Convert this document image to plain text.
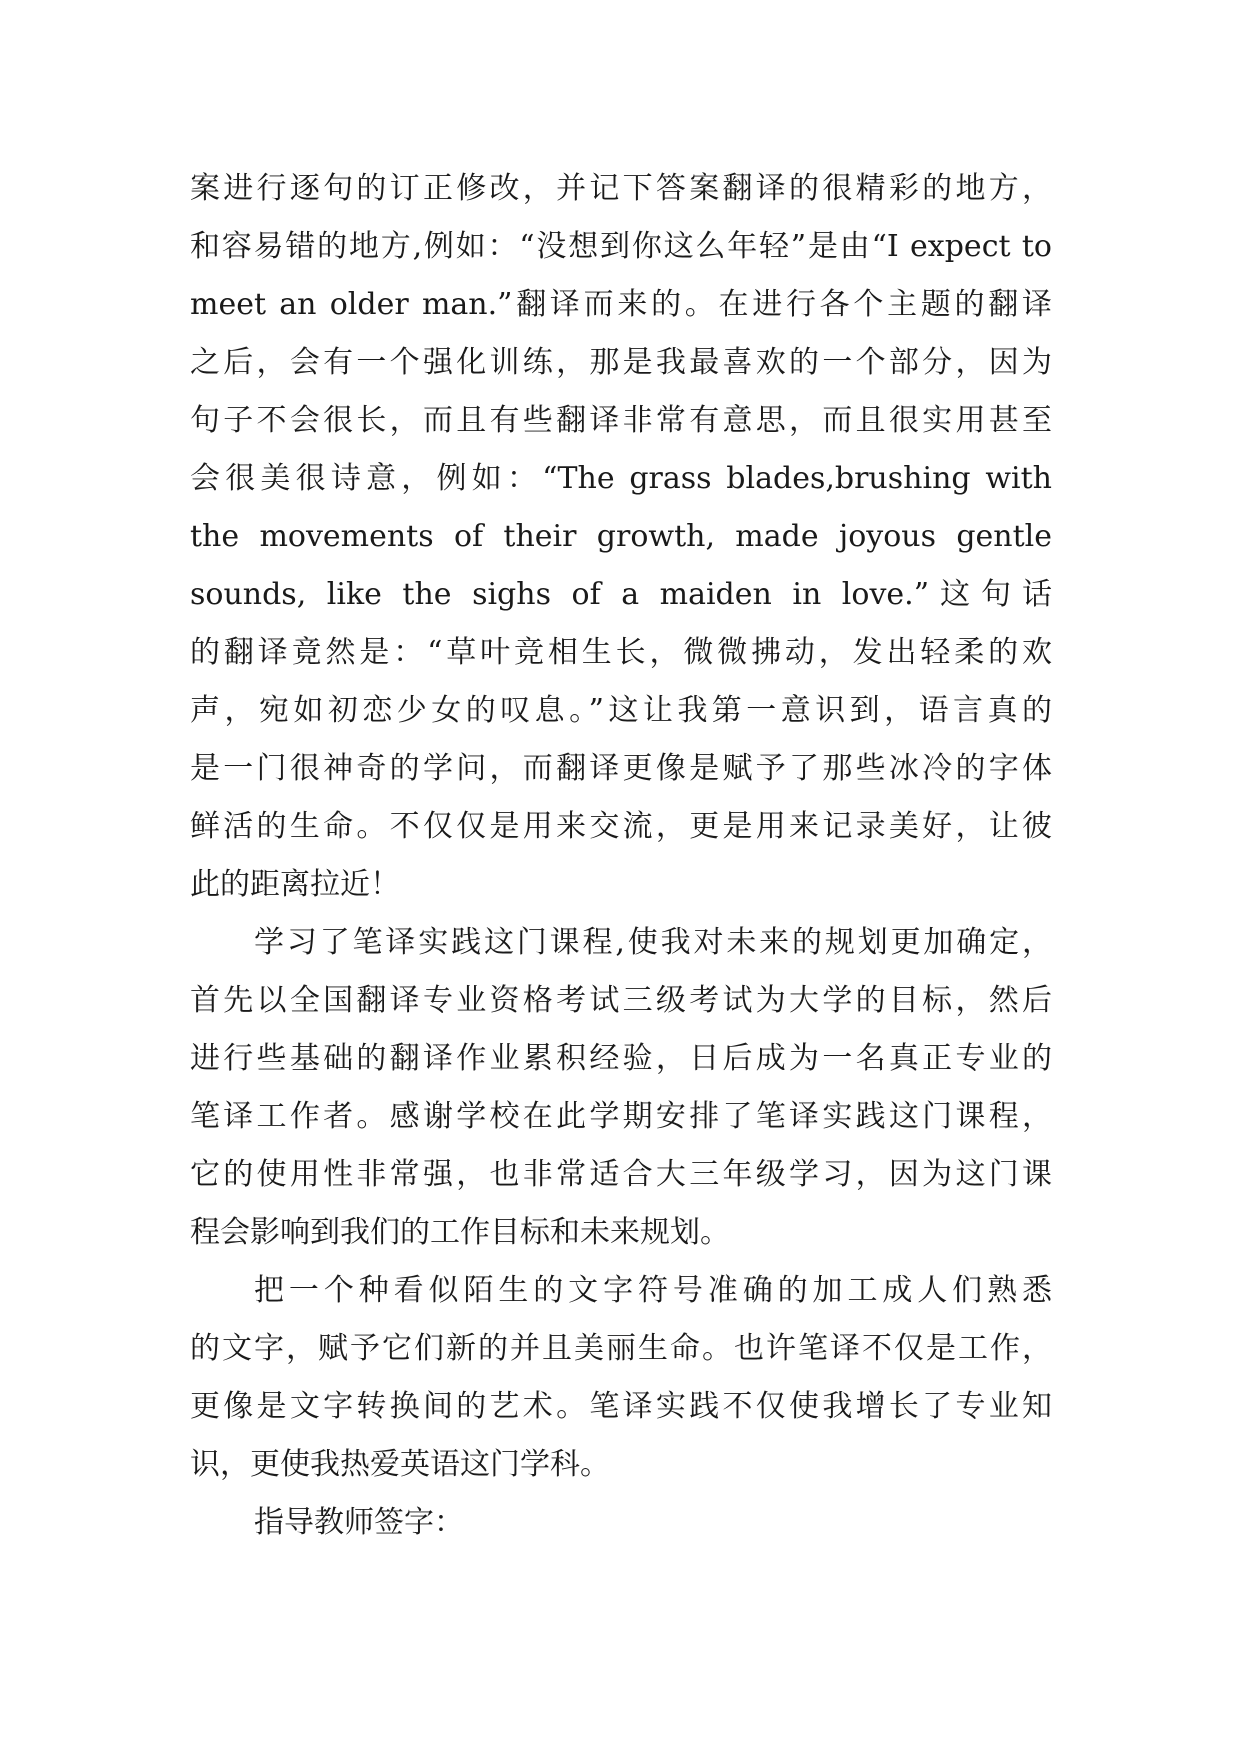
案进行逐句的订正修改，并记下答案翻译的很精彩的地方，
和容易错的地方,例如：“没想到你这么年轻”是由“I expect to
meet an older man.”翻译而来的。在进行各个主题的翻译
之后，会有一个强化训练，那是我最喜欢的一个部分，因为
句子不会很长，而且有些翻译非常有意思，而且很实用甚至
会很美很诗意，例如：“The grass blades,brushing with
the movements of their growth, made joyous gentle
sounds, like the sighs of a maiden in love.”这句话
的翻译竟然是：“草叶竞相生长，微微拂动，发出轻柔的欢
声，宛如初恋少女的叹息。”这让我第一意识到，语言真的
是一门很神奇的学问，而翻译更像是赋予了那些冰冷的字体
鲜活的生命。不仅仅是用来交流，更是用来记录美好，让彼
此的距离拉近！
学习了笔译实践这门课程,使我对未来的规划更加确定，
首先以全国翻译专业资格考试三级考试为大学的目标，然后
进行些基础的翻译作业累积经验，日后成为一名真正专业的
笔译工作者。感谢学校在此学期安排了笔译实践这门课程，
它的使用性非常强，也非常适合大三年级学习，因为这门课
程会影响到我们的工作目标和未来规划。
把一个种看似陌生的文字符号准确的加工成人们熟悉
的文字，赋予它们新的并且美丽生命。也许笔译不仅是工作，
更像是文字转换间的艺术。笔译实践不仅使我增长了专业知
识，更使我热爱英语这门学科。
指导教师签字：
